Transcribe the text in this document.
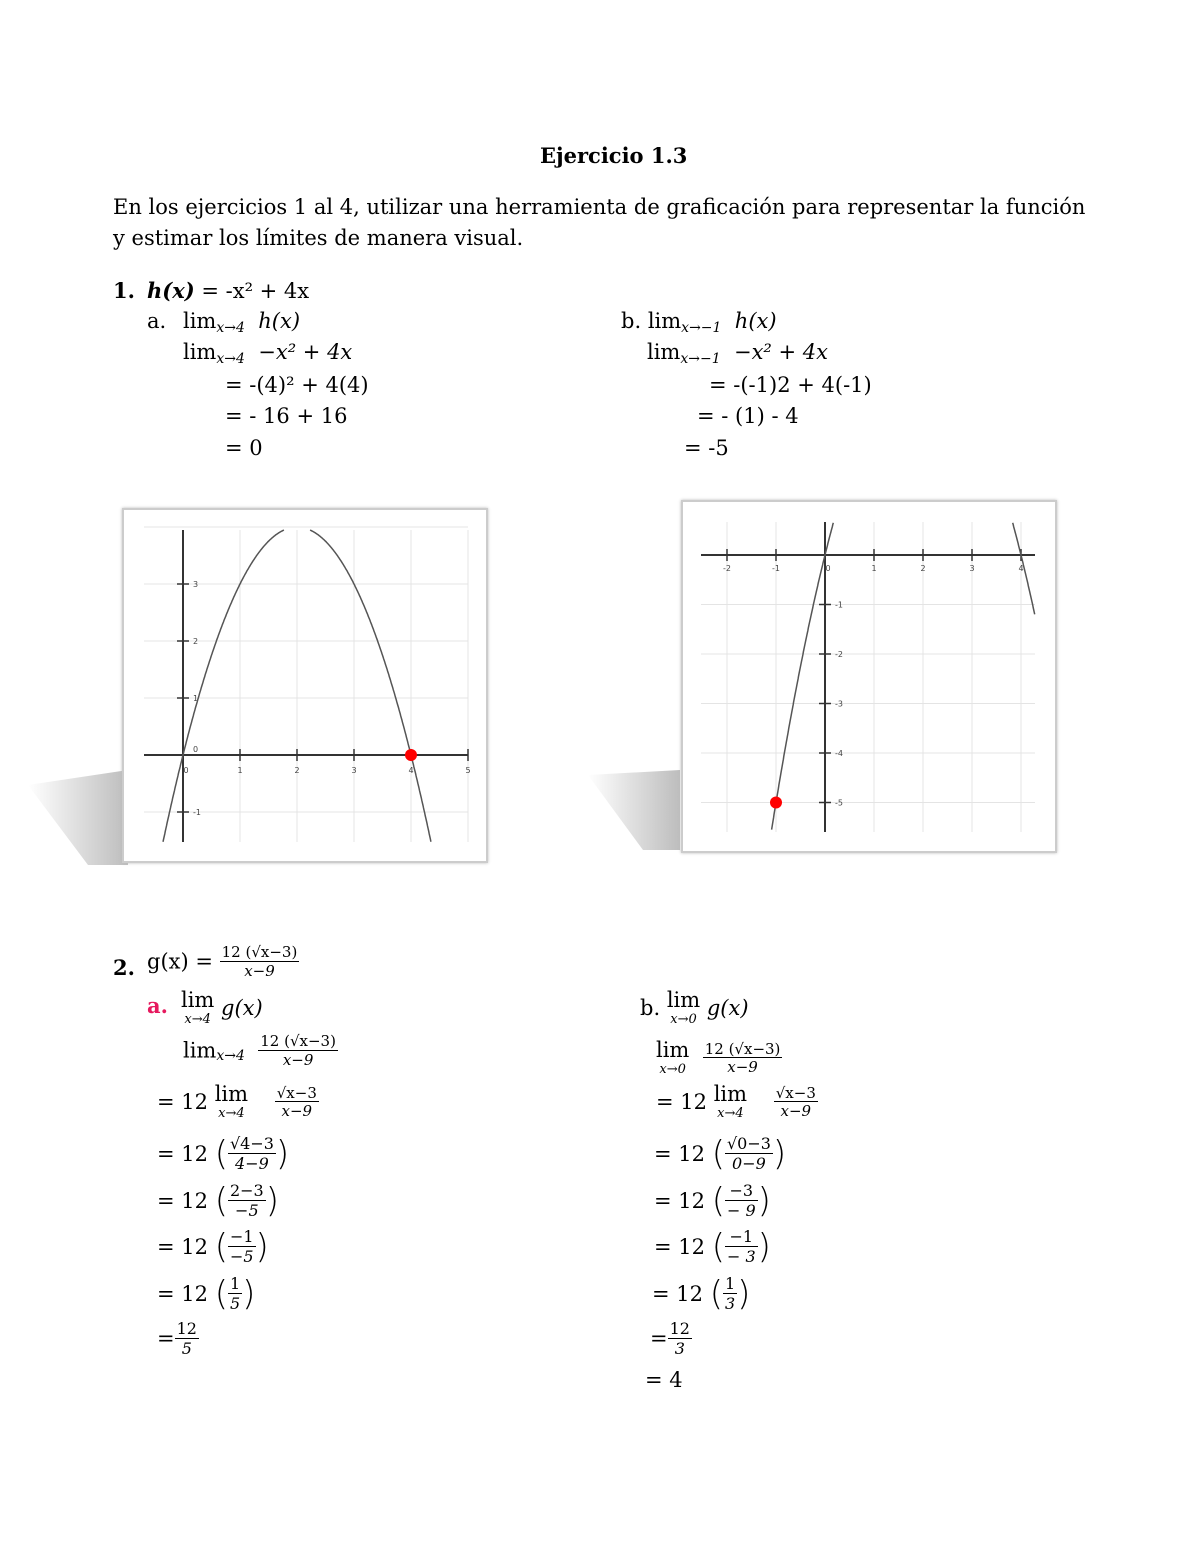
Ejercicio 1.3
En los ejercicios 1 al 4, utilizar una herramienta de graficación para representar la función
y estimar los límites de manera visual.
1. h(x) = -x² + 4x
a. $\lim_{x\to 4} h(x)$
$\lim_{x\to 4} -x^2 + 4x$
= -(4)² + 4(4)
= - 16 + 16
= 0
b. $\lim_{x\to-1} h(x)$
$\lim_{x\to-1} -x^2 + 4x$
= -(-1)2 + 4(-1)
= - (1) - 4
= -5
0	1	2	3	4	5
3
2
1
0
-1
-2	-1	0	1	2	3	4
-1
-2
-3
-4
-5
2. $g(x) = \frac{12 (√x-3)}{x-9}$
a. lim
x→4 g(x)
$\lim_{x\to 4} \frac{12 (√x-3)}{x-9}$
= 12 lim
x→4
$\frac{√x-3}{x-9}$
= 12 ( $\frac{√4-3}{4-9}$ )
= 12 ( $\frac{2-3}{-5}$ )
= 12 ( $\frac{-1}{-5}$ )
= 12 ( $\frac{1}{5}$ )
= $\frac{12}{5}$
b. lim
x→0 g(x)
lim
x→0
$\frac{12 (√x-3)}{x-9}$
= 12 lim
x→4
$\frac{√x-3}{x-9}$
= 12 ( $\frac{√0-3}{0-9}$ )
= 12 ( $\frac{-3}{- 9}$ )
= 12 ( $\frac{-1}{- 3}$ )
= 12 ( $\frac{1}{3}$ )
= $\frac{12}{3}$
= 4
